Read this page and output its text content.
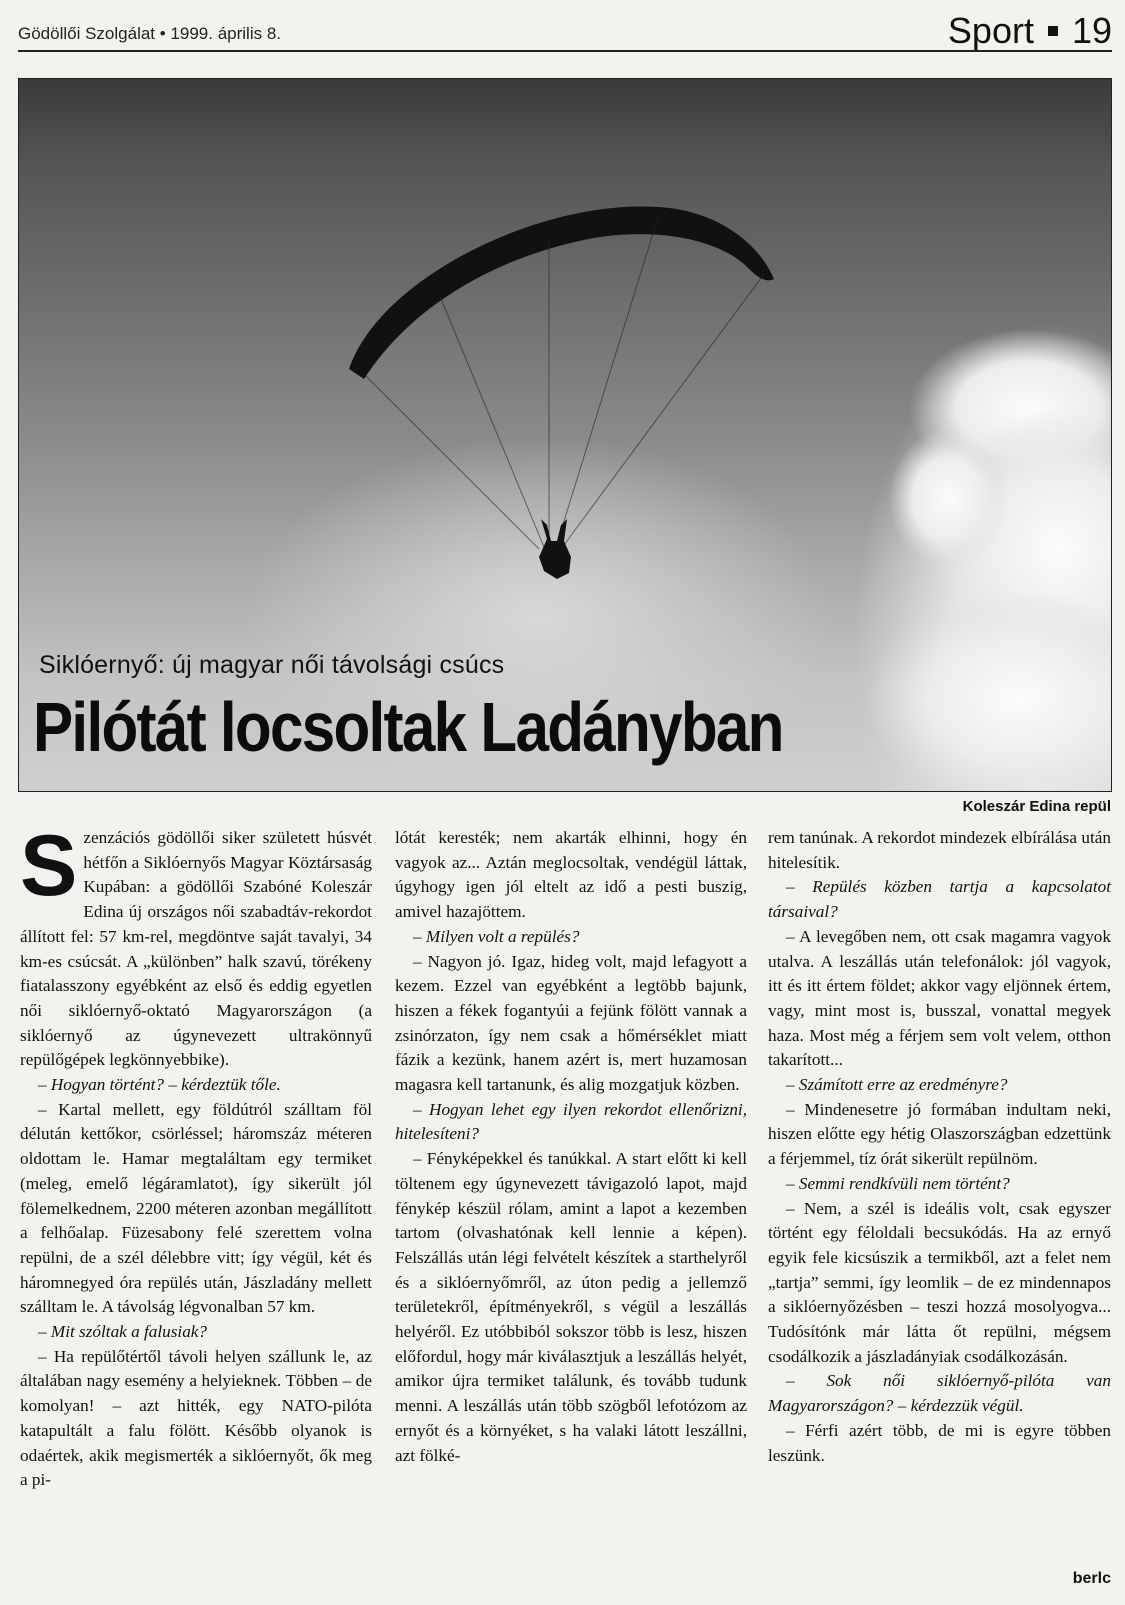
Gödöllői Szolgálat • 1999. április 8.	Sport 19
Siklóernyő: új magyar női távolsági csúcs
Pilótát locsoltak Ladányban
Koleszár Edina repül

Szenzációs gödöllői siker született húsvét hétfőn a Siklóernyős Magyar Köztársaság Kupában: a gödöllői Szabóné Koleszár Edina új országos női szabadtáv-rekordot állított fel: 57 km-rel, megdöntve saját tavalyi, 34 km-es csúcsát. A „különben” halk szavú, törékeny fiatalasszony egyébként az első és eddig egyetlen női siklóernyő-oktató Magyarországon (a siklóernyő az úgynevezett ultrakönnyű repülőgépek legkönnyebbike).

– Hogyan történt? – kérdeztük tőle.

– Kartal mellett, egy földútról szálltam föl délután kettőkor, csörléssel; háromszáz méteren oldottam le. Hamar megtaláltam egy termiket (meleg, emelő légáramlatot), így sikerült jól fölemelkednem, 2200 méteren azonban megállított a felhőalap. Füzesabony felé szerettem volna repülni, de a szél délebbre vitt; így végül, két és háromnegyed óra repülés után, Jászladány mellett szálltam le. A távolság légvonalban 57 km.

– Mit szóltak a falusiak?

– Ha repülőtértől távoli helyen szállunk le, az általában nagy esemény a helyieknek. Többen – de komolyan! – azt hitték, egy NATO-pilóta katapultált a falu fölött. Később olyanok is odaértek, akik megismerték a siklóernyőt, ők meg a pi-

lótát keresték; nem akarták elhinni, hogy én vagyok az... Aztán meglocsoltak, vendégül láttak, úgyhogy igen jól eltelt az idő a pesti buszig, amivel hazajöttem.

– Milyen volt a repülés?

– Nagyon jó. Igaz, hideg volt, majd lefagyott a kezem. Ezzel van egyébként a legtöbb bajunk, hiszen a fékek fogantyúi a fejünk fölött vannak a zsinórzaton, így nem csak a hőmérséklet miatt fázik a kezünk, hanem azért is, mert huzamosan magasra kell tartanunk, és alig mozgatjuk közben.

– Hogyan lehet egy ilyen rekordot ellenőrizni, hitelesíteni?

– Fényképekkel és tanúkkal. A start előtt ki kell töltenem egy úgynevezett távigazoló lapot, majd fénykép készül rólam, amint a lapot a kezemben tartom (olvashatónak kell lennie a képen). Felszállás után légi felvételt készítek a starthelyről és a siklóernyőmről, az úton pedig a jellemző területekről, építményekről, s végül a leszállás helyéről. Ez utóbbiból sokszor több is lesz, hiszen előfordul, hogy már kiválasztjuk a leszállás helyét, amikor újra termiket találunk, és tovább tudunk menni. A leszállás után több szögből lefotózom az ernyőt és a környéket, s ha valaki látott leszállni, azt fölké-

rem tanúnak. A rekordot mindezek elbírálása után hitelesítik.

– Repülés közben tartja a kapcsolatot társaival?

– A levegőben nem, ott csak magamra vagyok utalva. A leszállás után telefonálok: jól vagyok, itt és itt értem földet; akkor vagy eljönnek értem, vagy, mint most is, busszal, vonattal megyek haza. Most még a férjem sem volt velem, otthon takarított...

– Számított erre az eredményre?

– Mindenesetre jó formában indultam neki, hiszen előtte egy hétig Olaszországban edzettünk a férjemmel, tíz órát sikerült repülnöm.

– Semmi rendkívüli nem történt?

– Nem, a szél is ideális volt, csak egyszer történt egy féloldali becsukódás. Ha az ernyő egyik fele kicsúszik a termikből, azt a felet nem „tartja” semmi, így leomlik – de ez mindennapos a siklóernyőzésben – teszi hozzá mosolyogva... Tudósítónk már látta őt repülni, mégsem csodálkozik a jászladányiak csodálkozásán.

– Sok női siklóernyő-pilóta van Magyarországon? – kérdezzük végül.

– Férfi azért több, de mi is egyre többen leszünk.

berlc
